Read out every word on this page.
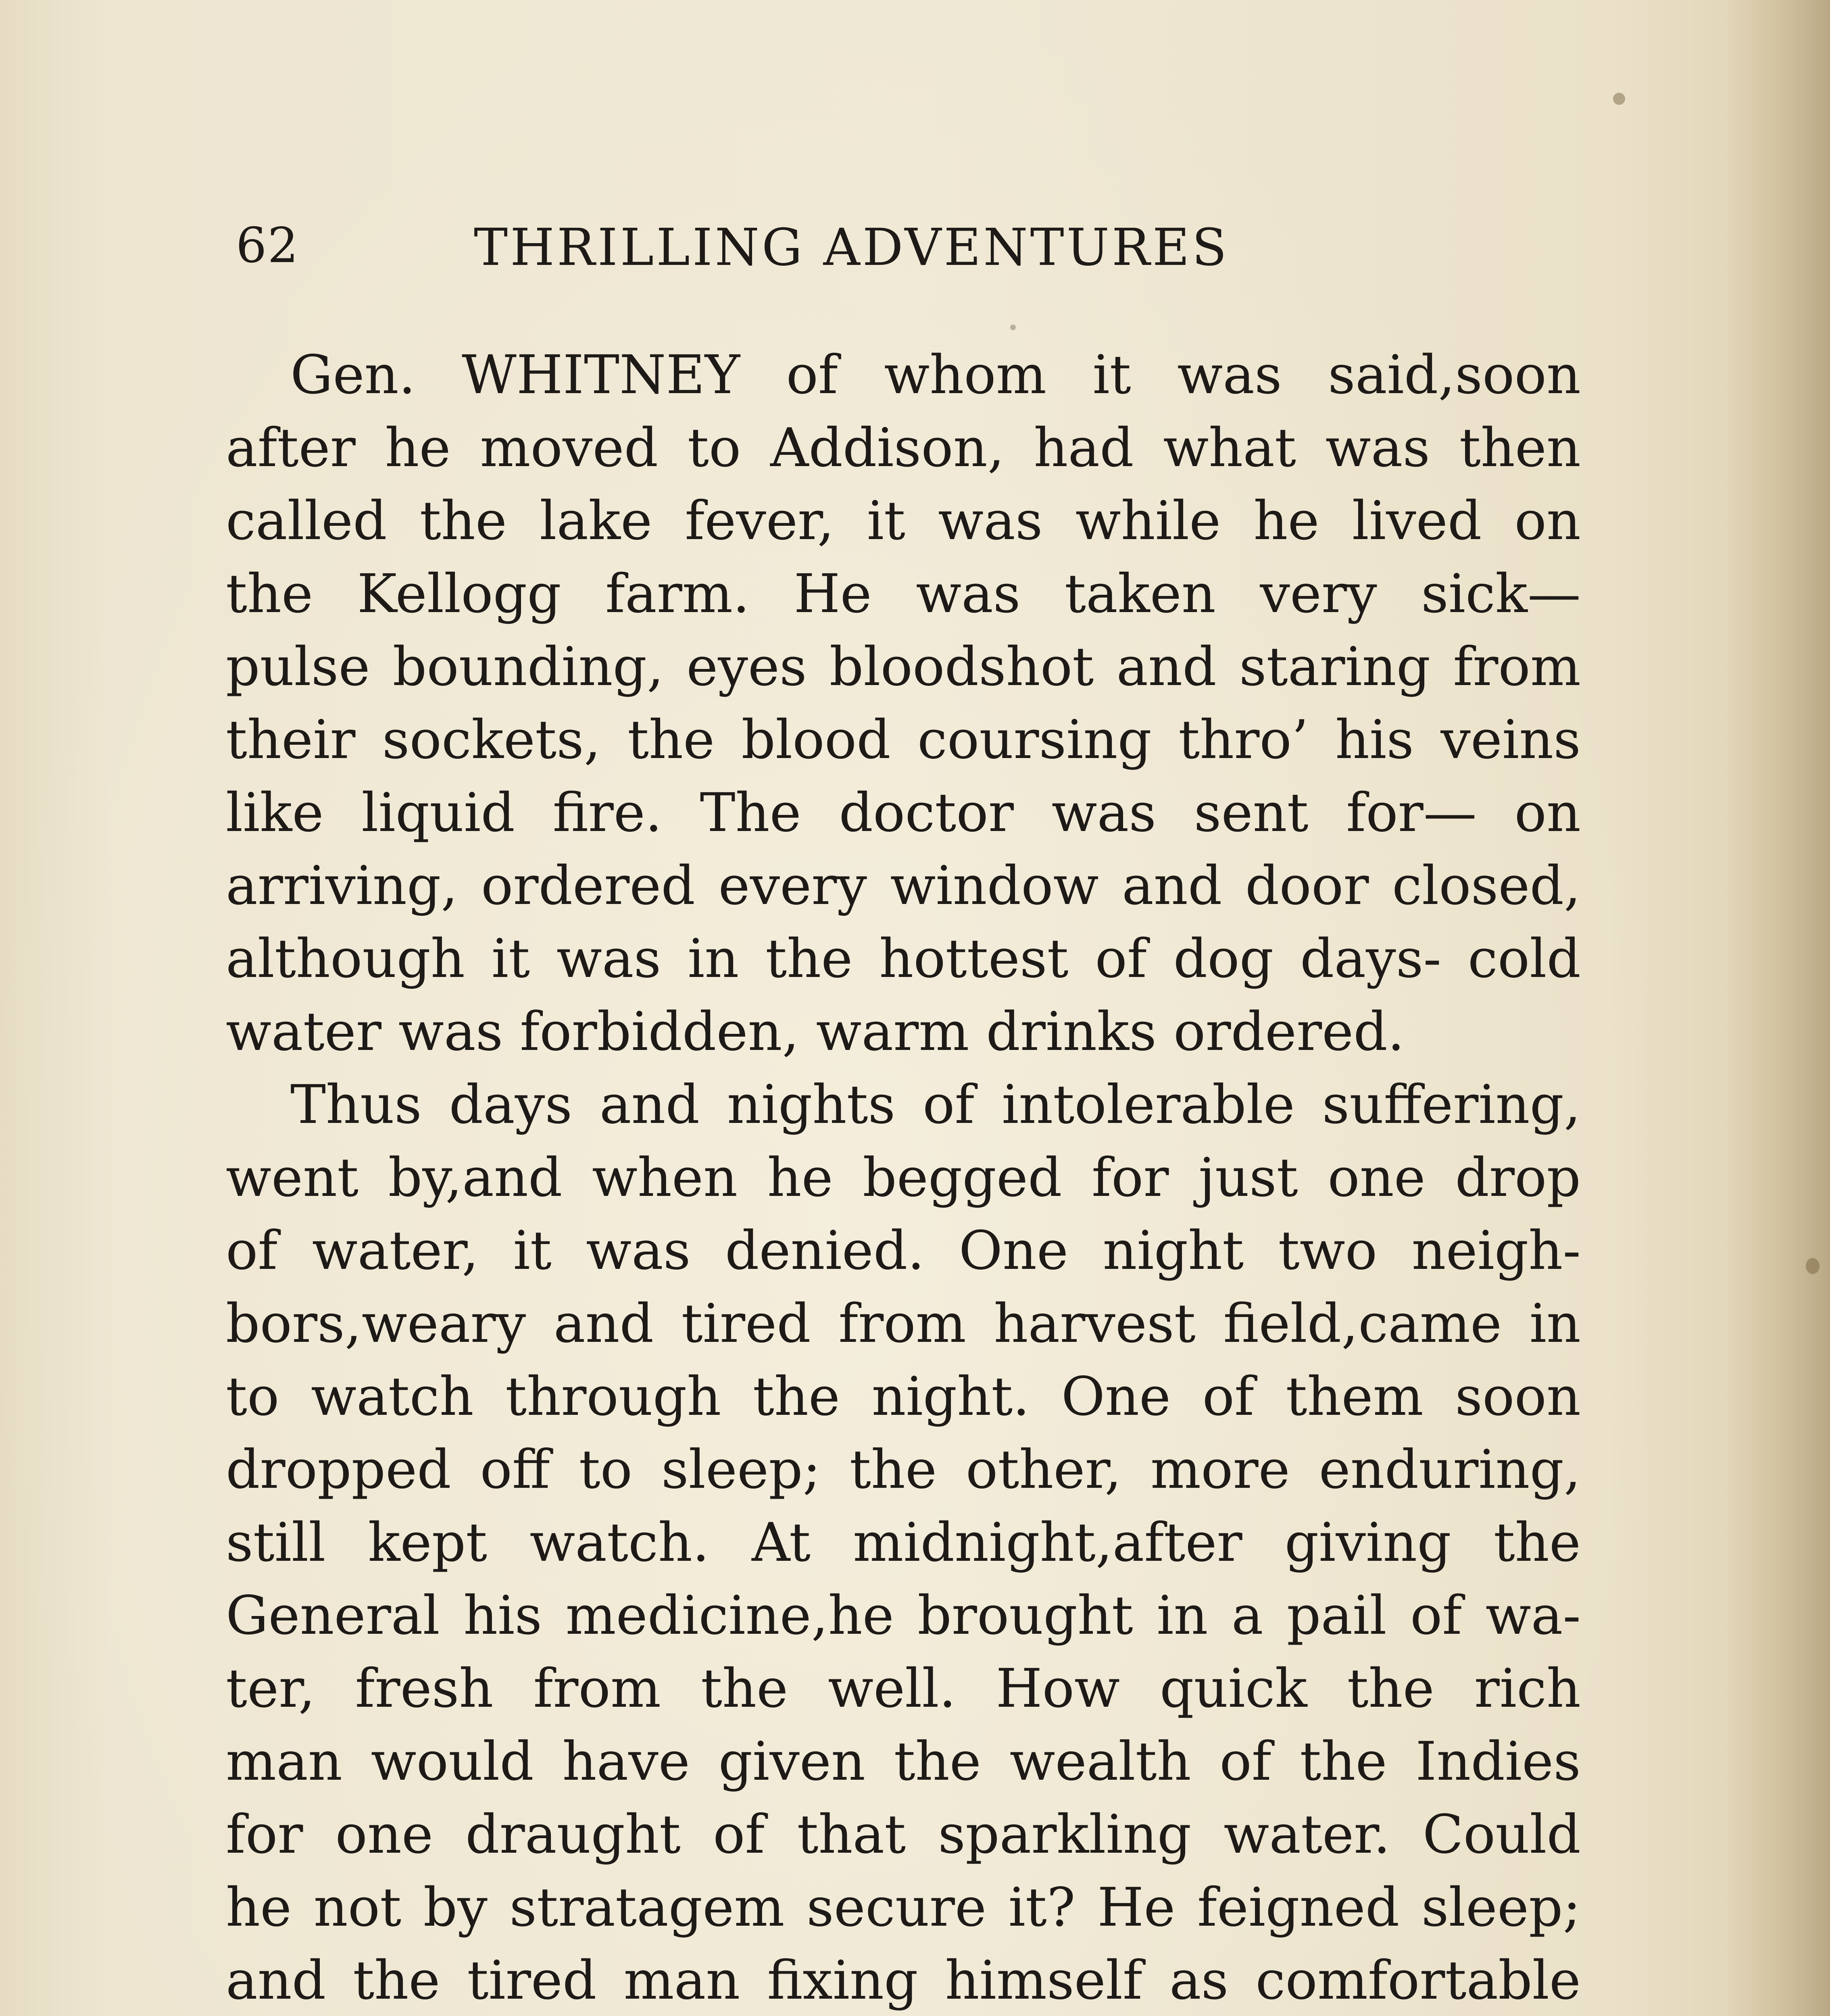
62	THRILLING ADVENTURES
Gen. WHITNEY of whom it was said,soon
after he moved to Addison, had what was then
called the lake fever, it was while he lived on
the Kellogg farm. He was taken very sick—
pulse bounding, eyes bloodshot and staring from
their sockets, the blood coursing thro’ his veins
like liquid fire. The doctor was sent for— on
arriving, ordered every window and door closed,
although it was in the hottest of dog days- cold
water was forbidden, warm drinks ordered.
Thus days and nights of intolerable suffering,
went by,and when he begged for just one drop
of water, it was denied. One night two neigh-
bors,weary and tired from harvest field,came in
to watch through the night. One of them soon
dropped off to sleep; the other, more enduring,
still kept watch. At midnight,after giving the
General his medicine,he brought in a pail of wa-
ter, fresh from the well. How quick the rich
man would have given the wealth of the Indies
for one draught of that sparkling water. Could
he not by stratagem secure it? He feigned sleep;
and the tired man fixing himself as comfortable
